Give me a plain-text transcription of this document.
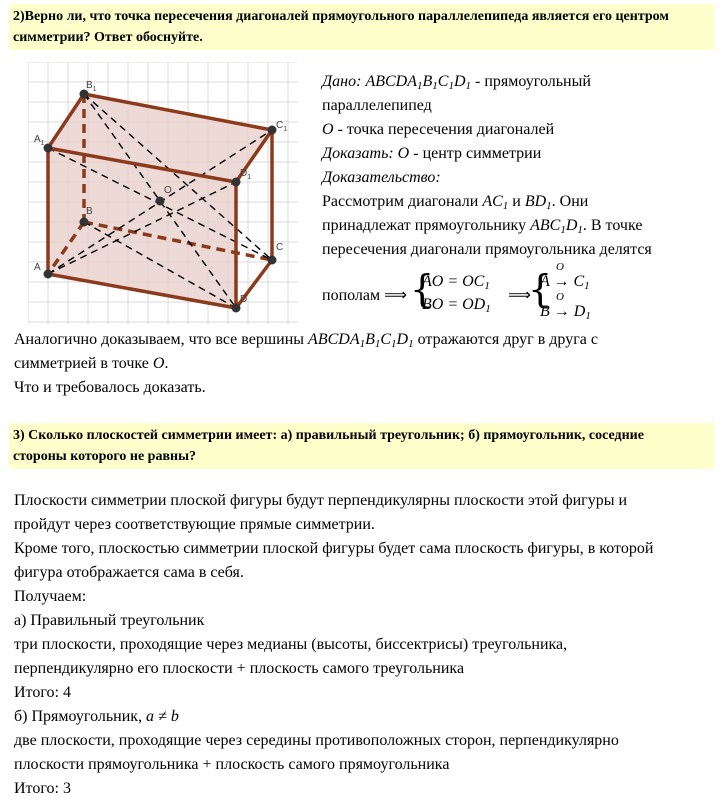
2)Верно ли, что точка пересечения диагоналей прямоугольного параллелепипеда является его центром
симметрии? Ответ обоснуйте.
$A_1$
$B_1$
$C_1$
$D_1$
A
B
C
D
O
Дано: $ABCDA_1B_1C_1D_1$ - прямоугольный
параллелепипед
O - точка пересечения диагоналей
Доказать: O - центр симметрии
Доказательство:
Рассмотрим диагонали $AC_1$ и $BD_1$. Они
принадлежат прямоугольнику $ABC_1D_1$. В точке
пересечения диагонали прямоугольника делятся
пополам ⟹ {
AO = $OC_1$
BO = $OD_1$
⟹
{ O
$A \to C_1$
O
$B \to D_1$
Аналогично доказываем, что все вершины $ABCDA_1B_1C_1D_1$ отражаются друг в друга с
симметрией в точке O.
Что и требовалось доказать.
3) Сколько плоскостей симметрии имеет: а) правильный треугольник; б) прямоугольник, соседние
стороны которого не равны?
Плоскости симметрии плоской фигуры будут перпендикулярны плоскости этой фигуры и
пройдут через соответствующие прямые симметрии.
Кроме того, плоскостью симметрии плоской фигуры будет сама плоскость фигуры, в которой
фигура отображается сама в себя.
Получаем:
а) Правильный треугольник
три плоскости, проходящие через медианы (высоты, биссектрисы) треугольника,
перпендикулярно его плоскости + плоскость самого треугольника
Итого: 4
б) Прямоугольник, a ≠ b
две плоскости, проходящие через середины противоположных сторон, перпендикулярно
плоскости прямоугольника + плоскость самого прямоугольника
Итого: 3
